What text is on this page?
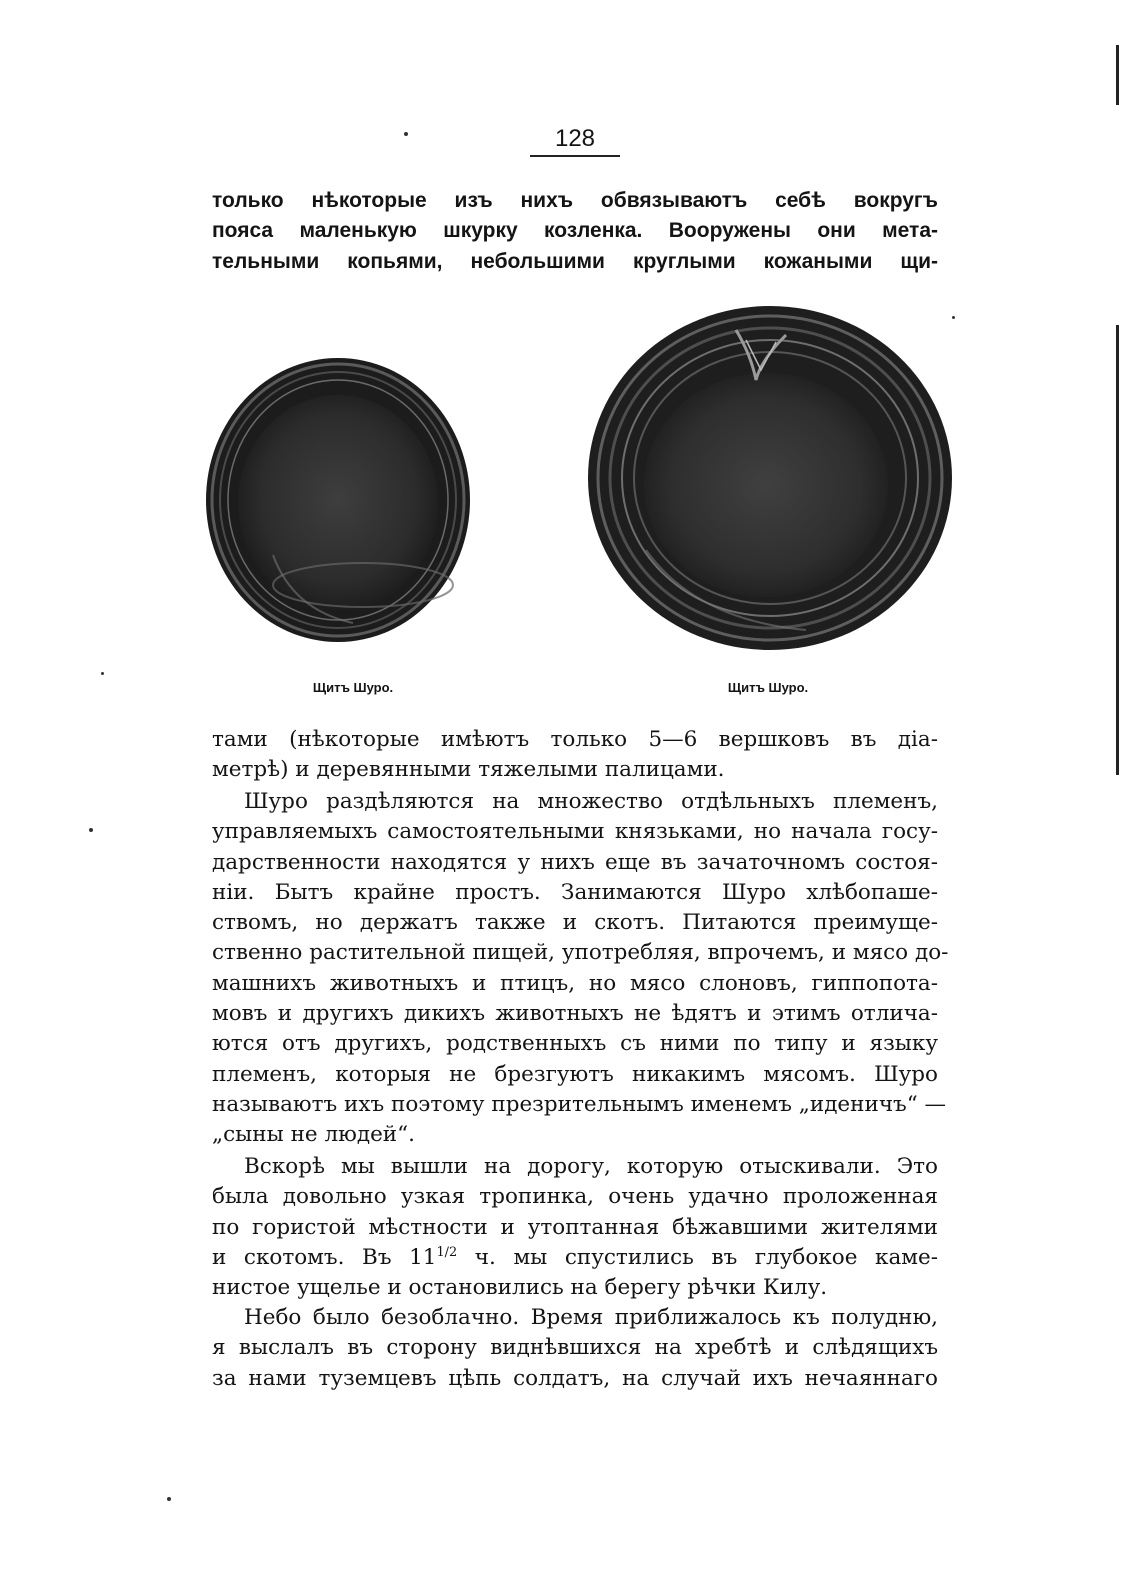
128
только нѣкоторые изъ нихъ обвязываютъ себѣ вокругъ
пояса маленькую шкурку козленка. Вооружены они мета-
тельными копьями, небольшими круглыми кожаными щи-
Щитъ Шуро.	Щитъ Шуро.
тами (нѣкоторые имѣютъ только 5—6 вершковъ въ діа-
метрѣ) и деревянными тяжелыми палицами.
Шуро раздѣляются на множество отдѣльныхъ племенъ,
управляемыхъ самостоятельными князьками, но начала госу-
дарственности находятся у нихъ еще въ зачаточномъ состоя-
ніи. Бытъ крайне простъ. Занимаются Шуро хлѣбопаше-
ствомъ, но держатъ также и скотъ. Питаются преимуще-
ственно растительной пищей, употребляя, впрочемъ, и мясо до-
машнихъ животныхъ и птицъ, но мясо слоновъ, гиппопота-
мовъ и другихъ дикихъ животныхъ не ѣдятъ и этимъ отлича-
ются отъ другихъ, родственныхъ съ ними по типу и языку
племенъ, которыя не брезгуютъ никакимъ мясомъ. Шуро
называютъ ихъ поэтому презрительнымъ именемъ „иденичъ“ —
„сыны не людей“.
Вскорѣ мы вышли на дорогу, которую отыскивали. Это
была довольно узкая тропинка, очень удачно проложенная
по гористой мѣстности и утоптанная бѣжавшими жителями
и скотомъ. Въ $11^{1/2}$ ч. мы спустились въ глубокое каме-
нистое ущелье и остановились на берегу рѣчки Килу.
Небо было безоблачно. Время приближалось къ полудню,
я выслалъ въ сторону виднѣвшихся на хребтѣ и слѣдящихъ
за нами туземцевъ цѣпь солдатъ, на случай ихъ нечаяннаго
